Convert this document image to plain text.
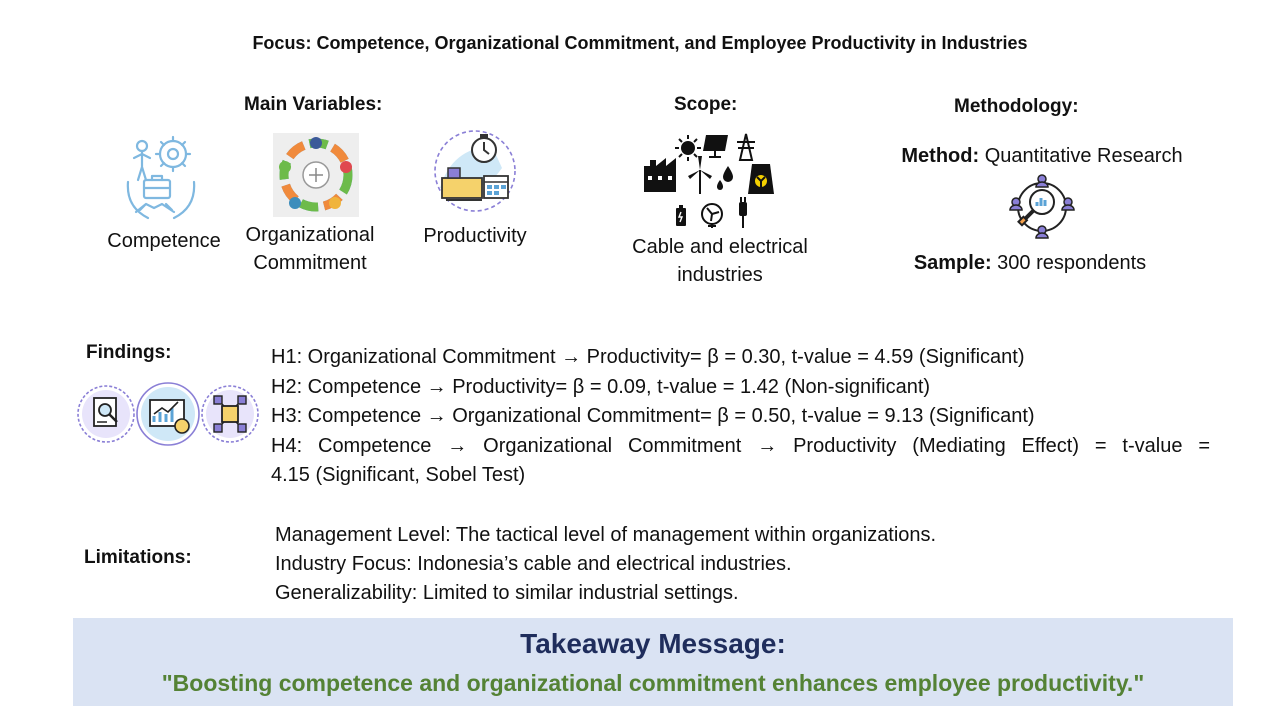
Focus: Competence, Organizational Commitment, and Employee Productivity in Industries
Main Variables:
Competence	Organizational
Commitment
Productivity
Scope:
Cable and electrical
industries
Methodology:
Method: Quantitative Research
Sample: 300 respondents
Findings:	H1: Organizational Commitment → Productivity= β = 0.30, t-value = 4.59 (Significant)
H2: Competence → Productivity= β = 0.09, t-value = 1.42 (Non-significant)
H3: Competence → Organizational Commitment= β = 0.50, t-value = 9.13 (Significant)
H4: Competence → Organizational Commitment → Productivity (Mediating Effect) = t-value =
4.15 (Significant, Sobel Test)
Limitations:
Management Level: The tactical level of management within organizations.
Industry Focus: Indonesia’s cable and electrical industries.
Generalizability: Limited to similar industrial settings.
Takeaway Message:
"Boosting competence and organizational commitment enhances employee productivity."
